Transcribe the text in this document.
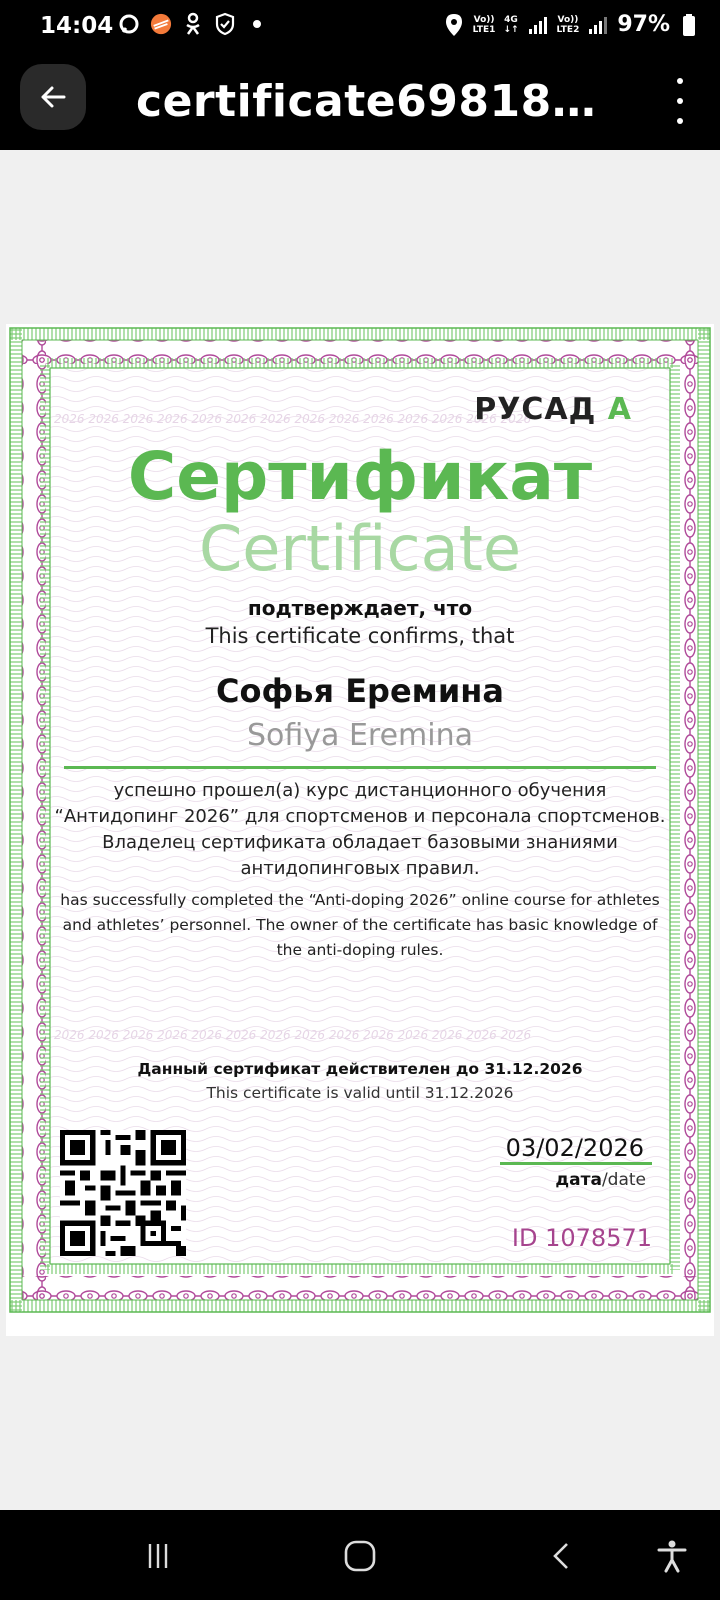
14:04	Vo))
LTE1
4G
↓↑
Vo))
LTE2 97%
certificate69818…
2026 2026 2026 2026 2026 2026 2026 2026 2026 2026 2026 2026 2026 2026
2026 2026 2026 2026 2026 2026 2026 2026 2026 2026 2026 2026 2026 2026
РУСАД А
Сертификат
Certificate
подтверждает, что
This certificate confirms, that
Софья Еремина
Sofiya Eremina
успешно прошел(а) курс дистанционного обучения “Антидопинг 2026” для спортсменов и персонала спортсменов. Владелец сертификата обладает базовыми знаниями антидопинговых правил.
has successfully completed the “Anti-doping 2026” online course for athletes and athletes’ personnel. The owner of the certificate has basic knowledge of the anti-doping rules.
Данный сертификат действителен до 31.12.2026
This certificate is valid until 31.12.2026
03/02/2026
дата/date
ID 1078571
